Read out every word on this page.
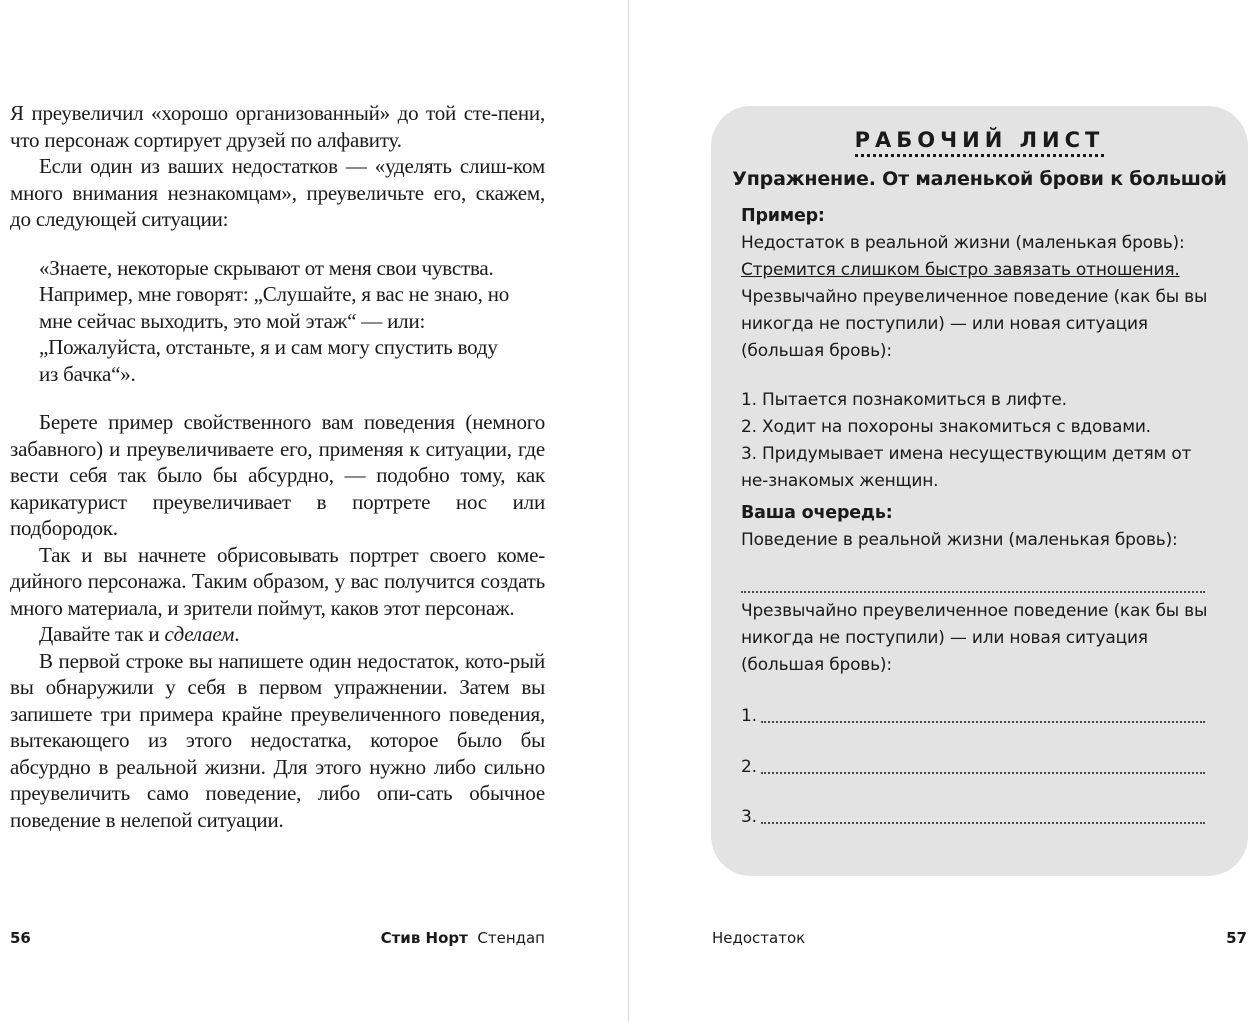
Я преувеличил «хорошо организованный» до той сте-пени, что персонаж сортирует друзей по алфавиту.

Если один из ваших недостатков — «уделять слиш-ком много внимания незнакомцам», преувеличьте его, скажем, до следующей ситуации:

«Знаете, некоторые скрывают от меня свои чувства. Например, мне говорят: „Слушайте, я вас не знаю, но мне сейчас выходить, это мой этаж“ — или: „Пожалуйста, отстаньте, я и сам могу спустить воду из бачка“».

Берете пример свойственного вам поведения (немного забавного) и преувеличиваете его, применяя к ситуации, где вести себя так было бы абсурдно, — подобно тому, как карикатурист преувеличивает в портрете нос или подбородок.

Так и вы начнете обрисовывать портрет своего коме-дийного персонажа. Таким образом, у вас получится создать много материала, и зрители поймут, каков этот персонаж.

Давайте так и сделаем.

В первой строке вы напишете один недостаток, кото-рый вы обнаружили у себя в первом упражнении. Затем вы запишете три примера крайне преувеличенного поведения, вытекающего из этого недостатка, которое было бы абсурдно в реальной жизни. Для этого нужно либо сильно преувеличить само поведение, либо опи-сать обычное поведение в нелепой ситуации.

56	Стив Норт Стендап
РАБОЧИЙ ЛИСТ
Упражнение. От маленькой брови к большой
Пример:
Недостаток в реальной жизни (маленькая бровь):
Стремится слишком быстро завязать отношения.
Чрезвычайно преувеличенное поведение (как бы вы никогда не поступили) — или новая ситуация (большая бровь):
1. Пытается познакомиться в лифте.
2. Ходит на похороны знакомиться с вдовами.
3. Придумывает имена несуществующим детям от не-знакомых женщин.
Ваша очередь:
Поведение в реальной жизни (маленькая бровь):
Чрезвычайно преувеличенное поведение (как бы вы никогда не поступили) — или новая ситуация (большая бровь):
1.
2.
3.
Недостаток	57
